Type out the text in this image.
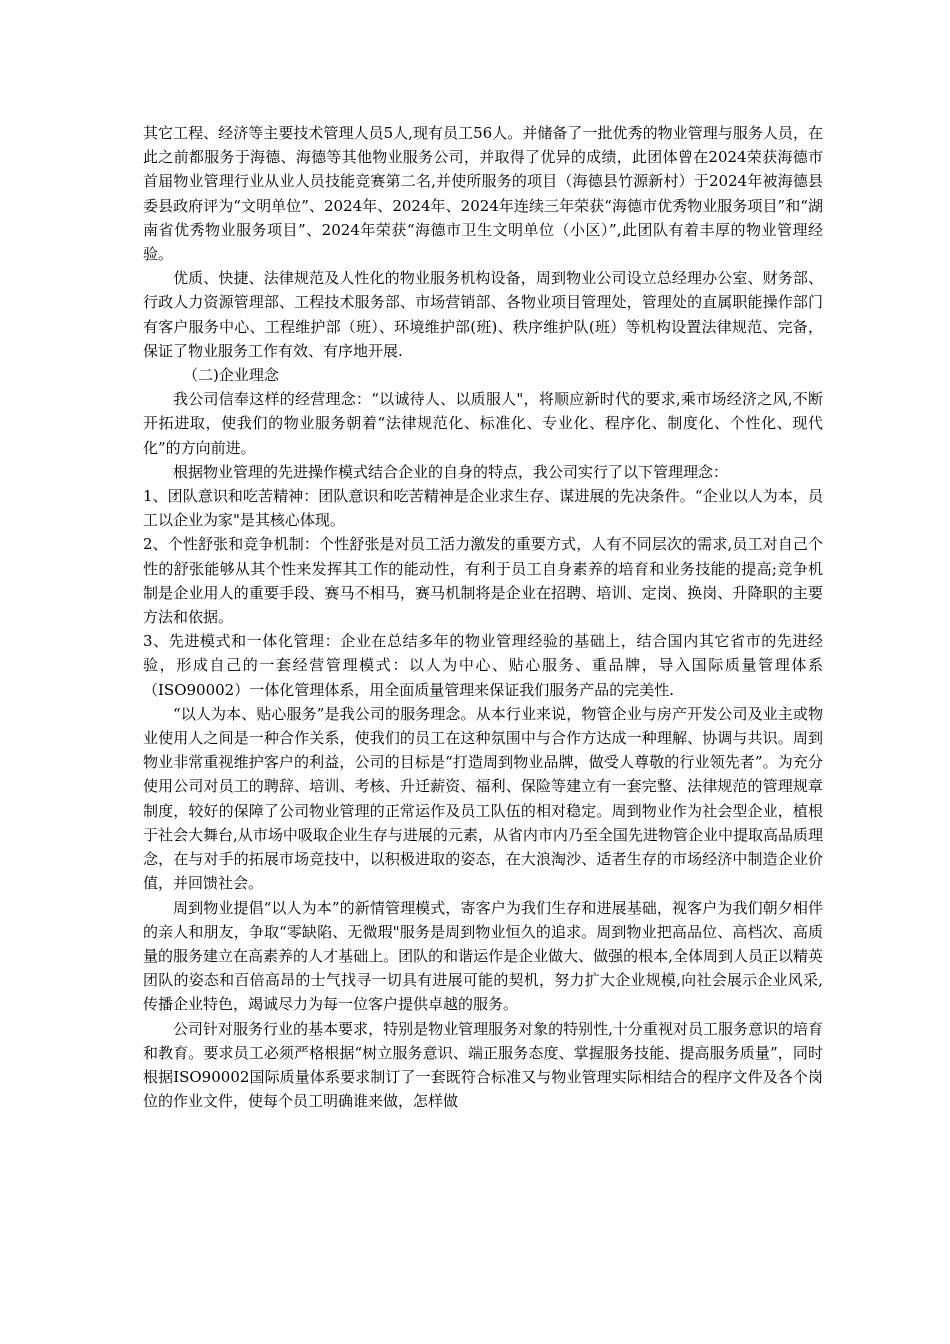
其它工程、经济等主要技术管理人员5人,现有员工56人。并储备了一批优秀的物业管理与服务人员，在此之前都服务于海德、海德等其他物业服务公司，并取得了优异的成绩，此团体曾在2024荣获海德市首届物业管理行业从业人员技能竞赛第二名,并使所服务的项目（海德县竹源新村）于2024年被海德县委县政府评为“文明单位”、2024年、2024年、2024年连续三年荣获“海德市优秀物业服务项目”和“湖南省优秀物业服务项目”、2024年荣获“海德市卫生文明单位（小区）”,此团队有着丰厚的物业管理经验。

优质、快捷、法律规范及人性化的物业服务机构设备，周到物业公司设立总经理办公室、财务部、行政人力资源管理部、工程技术服务部、市场营销部、各物业项目管理处，管理处的直属职能操作部门有客户服务中心、工程维护部（班）、环境维护部(班)、秩序维护队(班）等机构设置法律规范、完备，保证了物业服务工作有效、有序地开展.

（二)企业理念

我公司信奉这样的经营理念：“以诚待人、以质服人"，将顺应新时代的要求,乘市场经济之风,不断开拓进取，使我们的物业服务朝着“法律规范化、标准化、专业化、程序化、制度化、个性化、现代化”的方向前进。

根据物业管理的先进操作模式结合企业的自身的特点，我公司实行了以下管理理念：

1、团队意识和吃苦精神：团队意识和吃苦精神是企业求生存、谋进展的先决条件。“企业以人为本，员工以企业为家"是其核心体现。

2、个性舒张和竞争机制：个性舒张是对员工活力激发的重要方式，人有不同层次的需求,员工对自己个性的舒张能够从其个性来发挥其工作的能动性，有利于员工自身素养的培育和业务技能的提高;竞争机制是企业用人的重要手段、赛马不相马，赛马机制将是企业在招聘、培训、定岗、换岗、升降职的主要方法和依据。

3、先进模式和一体化管理：企业在总结多年的物业管理经验的基础上，结合国内其它省市的先进经验，形成自己的一套经营管理模式：以人为中心、贴心服务、重品牌，导入国际质量管理体系（ISO90002）一体化管理体系，用全面质量管理来保证我们服务产品的完美性.

“以人为本、贴心服务”是我公司的服务理念。从本行业来说，物管企业与房产开发公司及业主或物业使用人之间是一种合作关系，使我们的员工在这种氛围中与合作方达成一种理解、协调与共识。周到物业非常重视维护客户的利益，公司的目标是“打造周到物业品牌，做受人尊敬的行业领先者”。为充分使用公司对员工的聘辞、培训、考核、升迁薪资、福利、保险等建立有一套完整、法律规范的管理规章制度，较好的保障了公司物业管理的正常运作及员工队伍的相对稳定。周到物业作为社会型企业，植根于社会大舞台,从市场中吸取企业生存与进展的元素，从省内市内乃至全国先进物管企业中提取高品质理念，在与对手的拓展市场竞技中，以积极进取的姿态，在大浪淘沙、适者生存的市场经济中制造企业价值，并回馈社会。

周到物业提倡“以人为本”的新情管理模式，寄客户为我们生存和进展基础，视客户为我们朝夕相伴的亲人和朋友，争取“零缺陷、无微瑕"服务是周到物业恒久的追求。周到物业把高品位、高档次、高质量的服务建立在高素养的人才基础上。团队的和谐运作是企业做大、做强的根本,全体周到人员正以精英团队的姿态和百倍高昂的士气找寻一切具有进展可能的契机，努力扩大企业规模,向社会展示企业风采,传播企业特色，竭诚尽力为每一位客户提供卓越的服务。

公司针对服务行业的基本要求，特别是物业管理服务对象的特别性,十分重视对员工服务意识的培育和教育。要求员工必须严格根据“树立服务意识、端正服务态度、掌握服务技能、提高服务质量”，同时根据ISO90002国际质量体系要求制订了一套既符合标准又与物业管理实际相结合的程序文件及各个岗位的作业文件，使每个员工明确谁来做，怎样做
